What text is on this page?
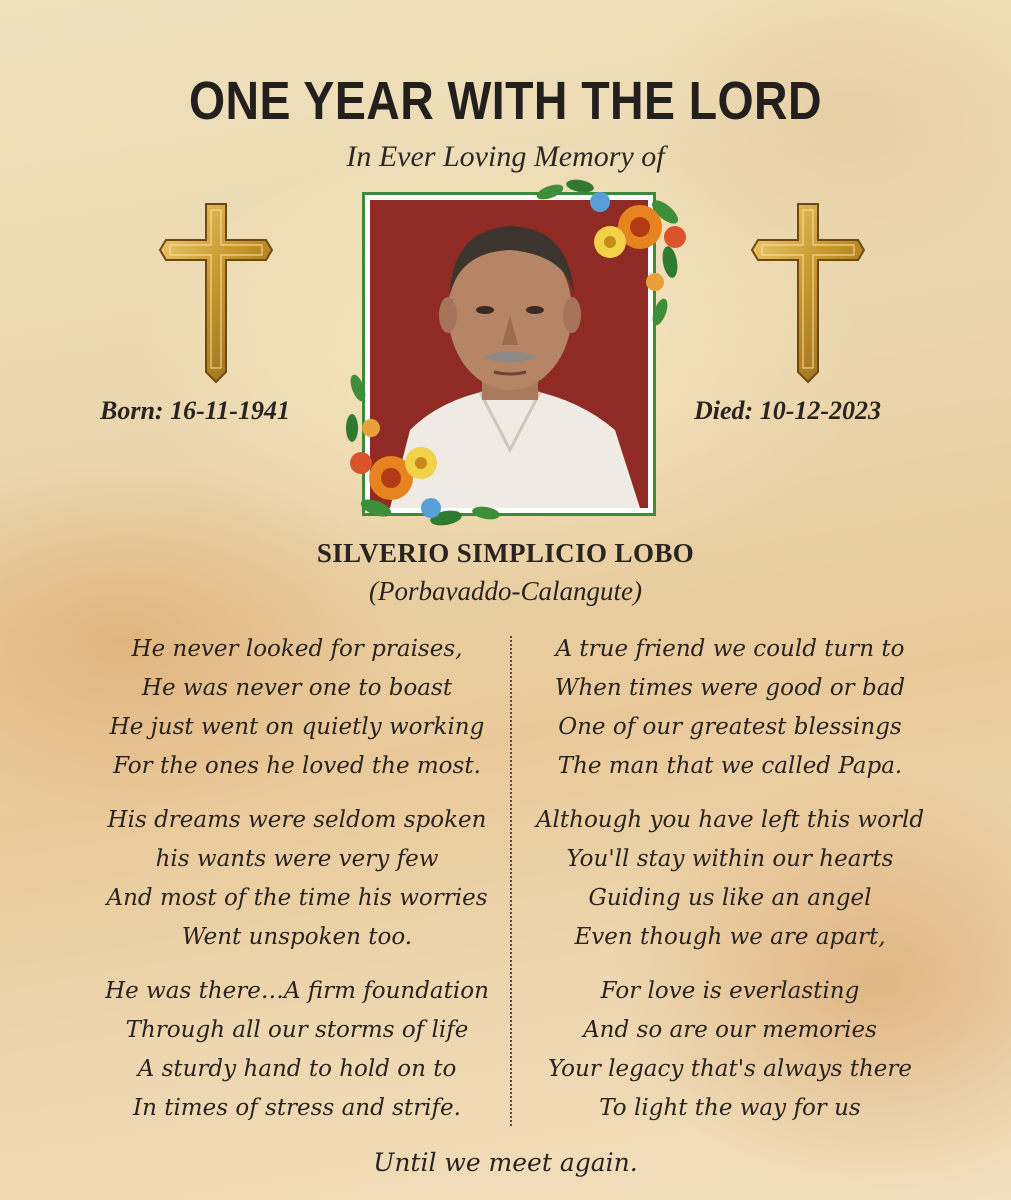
ONE YEAR WITH THE LORD
In Ever Loving Memory of
Born: 16-11-1941	Died: 10-12-2023
SILVERIO SIMPLICIO LOBO
(Porbavaddo-Calangute)
He never looked for praises,
He was never one to boast
He just went on quietly working
For the ones he loved the most.
His dreams were seldom spoken
his wants were very few
And most of the time his worries
Went unspoken too.
He was there…A firm foundation
Through all our storms of life
A sturdy hand to hold on to
In times of stress and strife.
A true friend we could turn to
When times were good or bad
One of our greatest blessings
The man that we called Papa.
Although you have left this world
You'll stay within our hearts
Guiding us like an angel
Even though we are apart,
For love is everlasting
And so are our memories
Your legacy that's always there
To light the way for us
Until we meet again.
